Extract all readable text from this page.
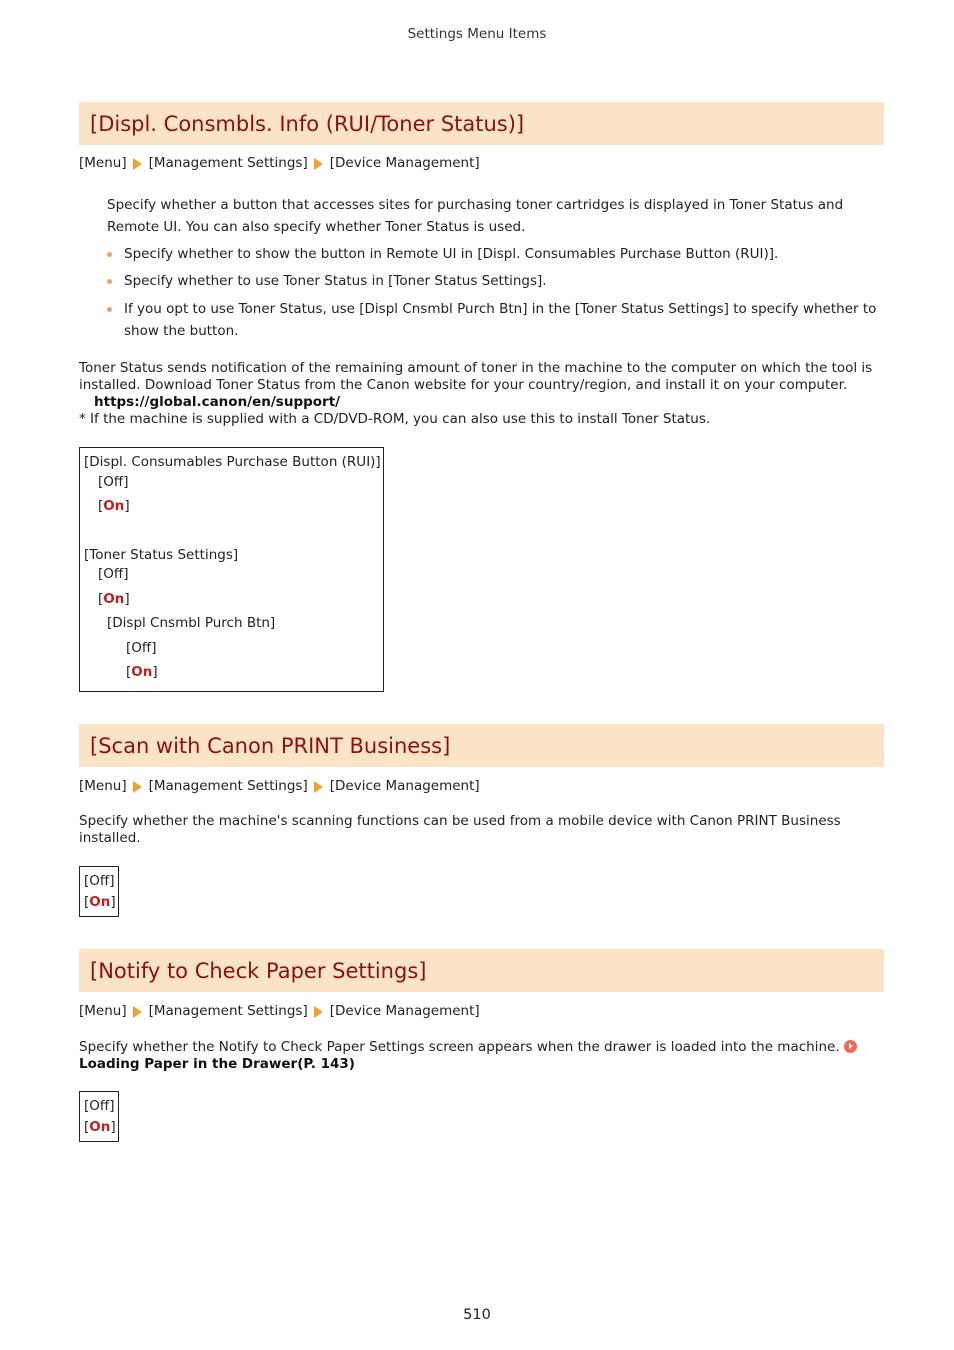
Settings Menu Items
[Displ. Consmbls. Info (RUI/Toner Status)]
[Menu] [Management Settings] [Device Management]
Specify whether a button that accesses sites for purchasing toner cartridges is displayed in Toner Status and
Remote UI. You can also specify whether Toner Status is used.
Specify whether to show the button in Remote UI in [Displ. Consumables Purchase Button (RUI)].
Specify whether to use Toner Status in [Toner Status Settings].
If you opt to use Toner Status, use [Displ Cnsmbl Purch Btn] in the [Toner Status Settings] to specify whether to
show the button.
Toner Status sends notification of the remaining amount of toner in the machine to the computer on which the tool is
installed. Download Toner Status from the Canon website for your country/region, and install it on your computer.
https://global.canon/en/support/
* If the machine is supplied with a CD/DVD-ROM, you can also use this to install Toner Status.
[Displ. Consumables Purchase Button (RUI)]
[Off]
[On]
[Toner Status Settings]
[Off]
[On]
[Displ Cnsmbl Purch Btn]
[Off]
[On]
[Scan with Canon PRINT Business]
[Menu] [Management Settings] [Device Management]
Specify whether the machine's scanning functions can be used from a mobile device with Canon PRINT Business
installed.
[Off]
[On]
[Notify to Check Paper Settings]
[Menu] [Management Settings] [Device Management]
Specify whether the Notify to Check Paper Settings screen appears when the drawer is loaded into the machine.
Loading Paper in the Drawer(P. 143)
[Off]
[On]
510
